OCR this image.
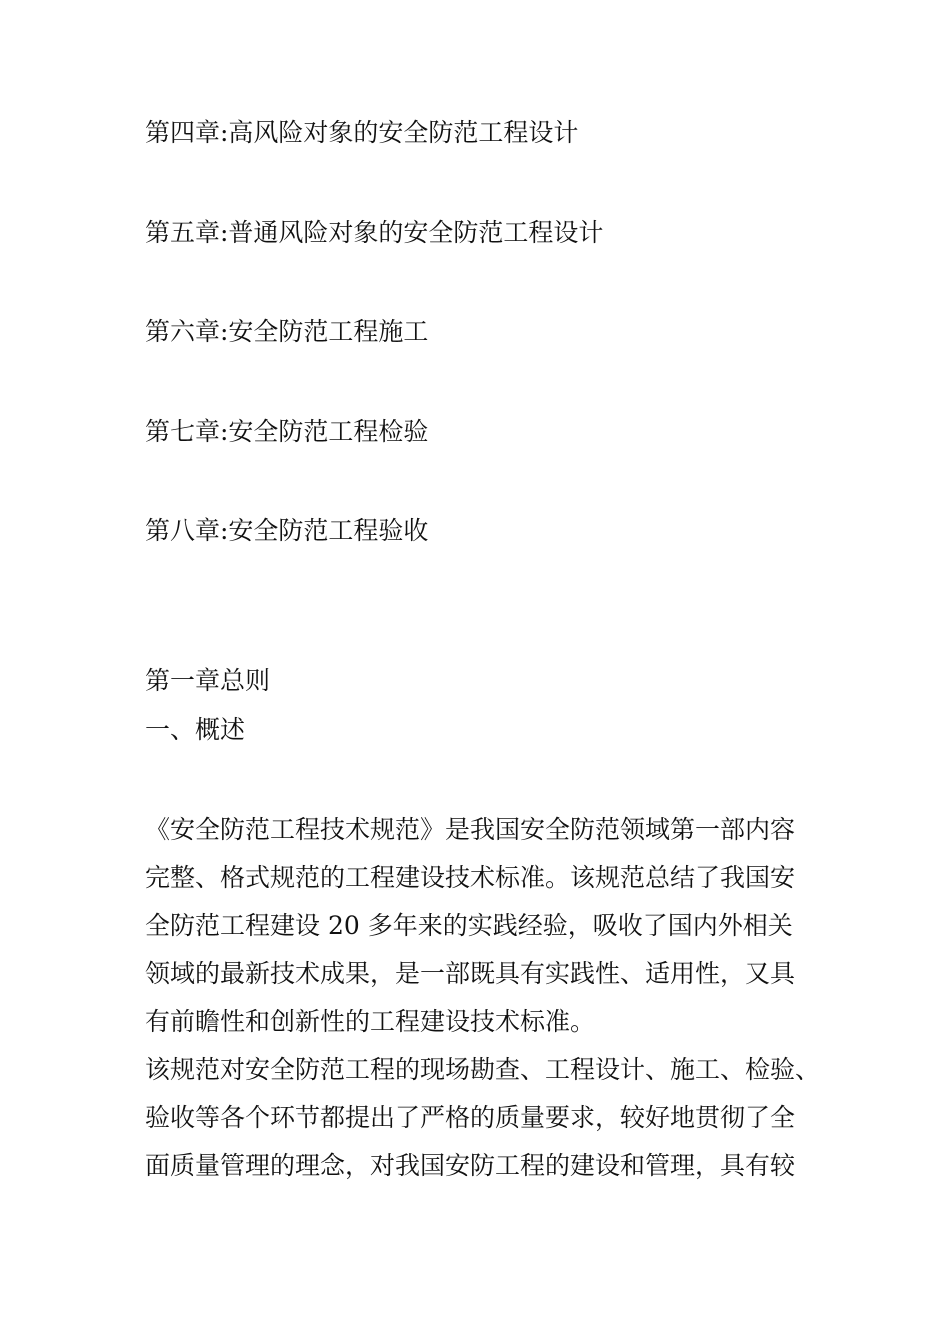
第四章:高风险对象的安全防范工程设计
第五章:普通风险对象的安全防范工程设计
第六章:安全防范工程施工
第七章:安全防范工程检验
第八章:安全防范工程验收
第一章总则
一、概述
《安全防范工程技术规范》是我国安全防范领域第一部内容
完整、格式规范的工程建设技术标准。该规范总结了我国安
全防范工程建设 20 多年来的实践经验，吸收了国内外相关
领域的最新技术成果，是一部既具有实践性、适用性，又具
有前瞻性和创新性的工程建设技术标准。
该规范对安全防范工程的现场勘查、工程设计、施工、检验、
验收等各个环节都提出了严格的质量要求，较好地贯彻了全
面质量管理的理念，对我国安防工程的建设和管理，具有较
